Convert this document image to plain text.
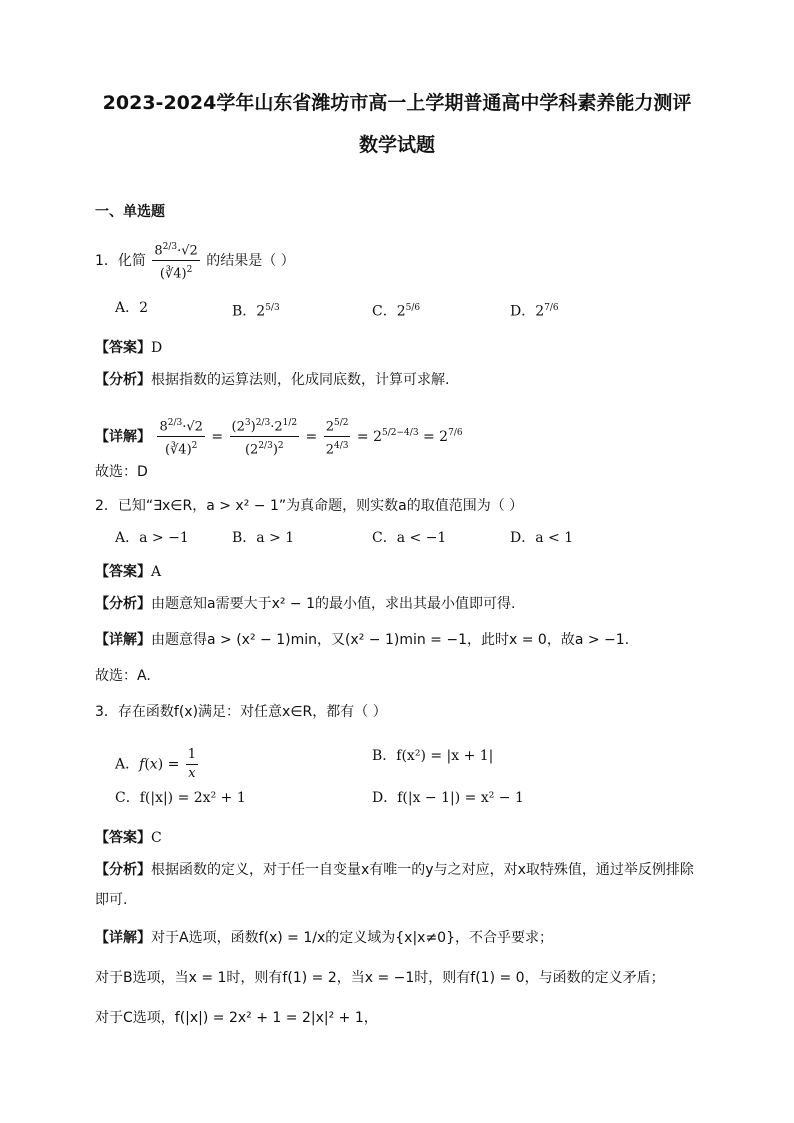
2023-2024学年山东省潍坊市高一上学期普通高中学科素养能力测评
数学试题
一、单选题
1．化简 $\frac{8^{2/3}\cdot√2}{(∛4)^2}$ 的结果是（ ）
A．2	B．$2^{5/3}$	C．$2^{5/6}$	D．$2^{7/6}$
【答案】D
【分析】根据指数的运算法则，化成同底数，计算可求解.
【详解】 $\frac{8^{2/3}\cdot√2}{(∛4)^2} = \frac{(2^3)^{2/3}\cdot 2^{1/2}}{(2^{2/3})^2} = \frac{2^{5/2}}{2^{4/3}} = 2^{5/2-4/3} = 2^{7/6}$
故选：D
2．已知“∃x∈R，a > x² − 1”为真命题，则实数a的取值范围为（ ）
A．a > −1	B．a > 1	C．a < −1	D．a < 1
【答案】A
【分析】由题意知a需要大于x² − 1的最小值，求出其最小值即可得.
【详解】由题意得a > (x² − 1)min，又(x² − 1)min = −1，此时x = 0，故a > −1.
故选：A.
3．存在函数f(x)满足：对任意x∈R，都有（ ）
A．$f(x) = \frac{1}{x}$	B．f(x²) = |x + 1|
C．f(|x|) = 2x² + 1	D．f(|x − 1|) = x² − 1
【答案】C
【分析】根据函数的定义，对于任一自变量x有唯一的y与之对应，对x取特殊值，通过举反例排除
即可.
【详解】对于A选项，函数f(x) = 1/x的定义域为{x|x≠0}，不合乎要求；
对于B选项，当x = 1时，则有f(1) = 2，当x = −1时，则有f(1) = 0，与函数的定义矛盾；
对于C选项，f(|x|) = 2x² + 1 = 2|x|² + 1，
